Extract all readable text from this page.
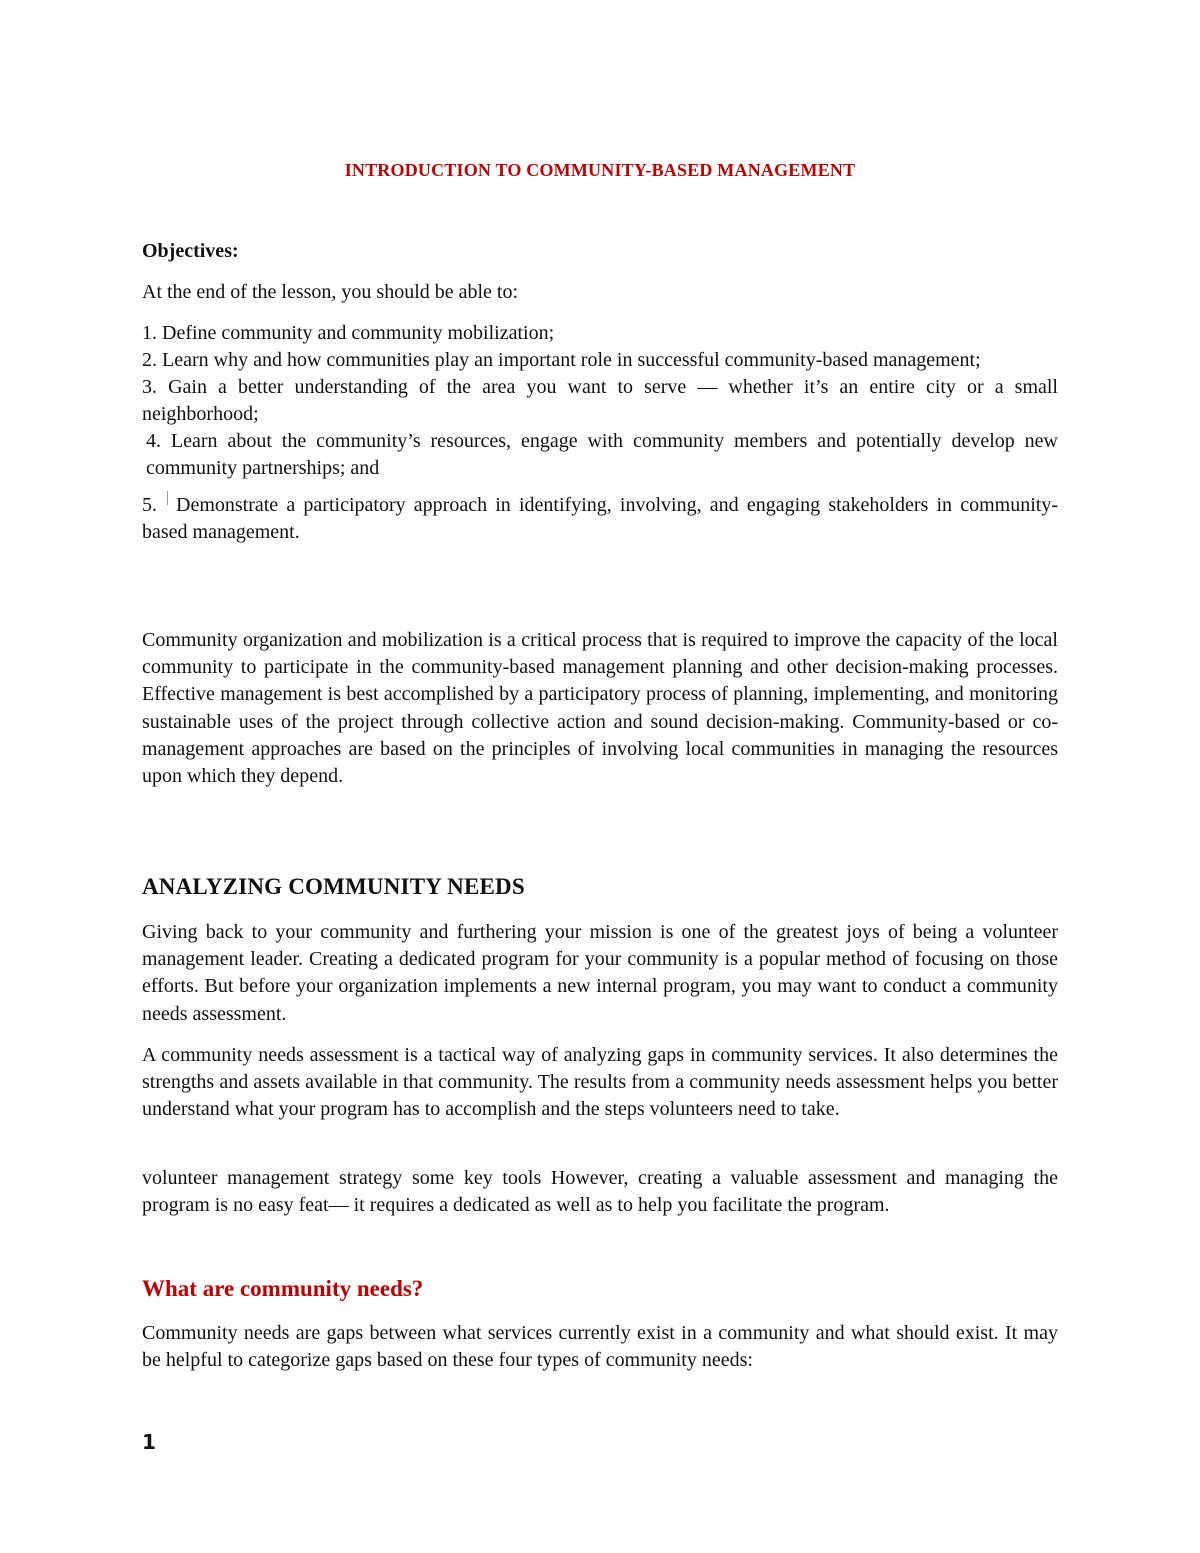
INTRODUCTION TO COMMUNITY-BASED MANAGEMENT

Objectives:

At the end of the lesson, you should be able to:

1. Define community and community mobilization;
2. Learn why and how communities play an important role in successful community-based management;
3. Gain a better understanding of the area you want to serve — whether it’s an entire city or a small neighborhood;
4. Learn about the community’s resources, engage with community members and potentially develop new community partnerships; and
5. Demonstrate a participatory approach in identifying, involving, and engaging stakeholders in community-based management.

Community organization and mobilization is a critical process that is required to improve the capacity of the local community to participate in the community-based management planning and other decision-making processes. Effective management is best accomplished by a participatory process of planning, implementing, and monitoring sustainable uses of the project through collective action and sound decision-making. Community-based or co-management approaches are based on the principles of involving local communities in managing the resources upon which they depend.

ANALYZING COMMUNITY NEEDS

Giving back to your community and furthering your mission is one of the greatest joys of being a volunteer management leader. Creating a dedicated program for your community is a popular method of focusing on those efforts. But before your organization implements a new internal program, you may want to conduct a community needs assessment.

A community needs assessment is a tactical way of analyzing gaps in community services. It also determines the strengths and assets available in that community. The results from a community needs assessment helps you better understand what your program has to accomplish and the steps volunteers need to take.

volunteer management strategy some key tools However, creating a valuable assessment and managing the program is no easy feat— it requires a dedicated as well as to help you facilitate the program.

What are community needs?

Community needs are gaps between what services currently exist in a community and what should exist. It may be helpful to categorize gaps based on these four types of community needs:

1
